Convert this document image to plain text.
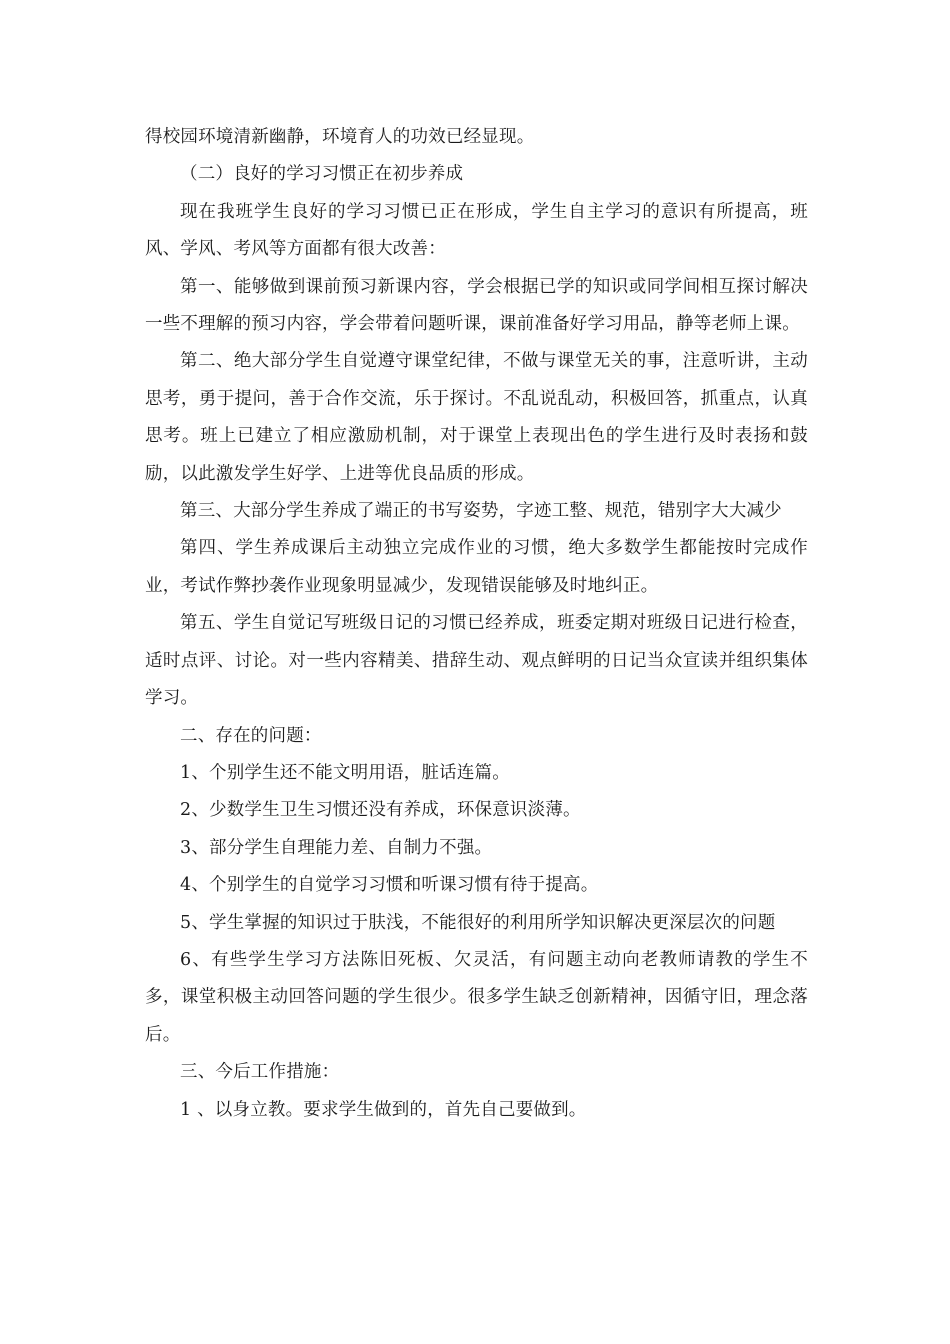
得校园环境清新幽静，环境育人的功效已经显现。

（二）良好的学习习惯正在初步养成

现在我班学生良好的学习习惯已正在形成，学生自主学习的意识有所提高，班风、学风、考风等方面都有很大改善：

第一、能够做到课前预习新课内容，学会根据已学的知识或同学间相互探讨解决一些不理解的预习内容，学会带着问题听课，课前准备好学习用品，静等老师上课。

第二、绝大部分学生自觉遵守课堂纪律，不做与课堂无关的事，注意听讲，主动思考，勇于提问，善于合作交流，乐于探讨。不乱说乱动，积极回答，抓重点，认真思考。班上已建立了相应激励机制，对于课堂上表现出色的学生进行及时表扬和鼓励，以此激发学生好学、上进等优良品质的形成。

第三、大部分学生养成了端正的书写姿势，字迹工整、规范，错别字大大减少

第四、学生养成课后主动独立完成作业的习惯，绝大多数学生都能按时完成作业，考试作弊抄袭作业现象明显减少，发现错误能够及时地纠正。

第五、学生自觉记写班级日记的习惯已经养成，班委定期对班级日记进行检查，适时点评、讨论。对一些内容精美、措辞生动、观点鲜明的日记当众宣读并组织集体学习。

二、存在的问题：

1、个别学生还不能文明用语，脏话连篇。

2、少数学生卫生习惯还没有养成，环保意识淡薄。

3、部分学生自理能力差、自制力不强。

4、个别学生的自觉学习习惯和听课习惯有待于提高。

5、学生掌握的知识过于肤浅，不能很好的利用所学知识解决更深层次的问题

6、有些学生学习方法陈旧死板、欠灵活，有问题主动向老教师请教的学生不多，课堂积极主动回答问题的学生很少。很多学生缺乏创新精神，因循守旧，理念落后。

三、今后工作措施：

1 、以身立教。要求学生做到的，首先自己要做到。
